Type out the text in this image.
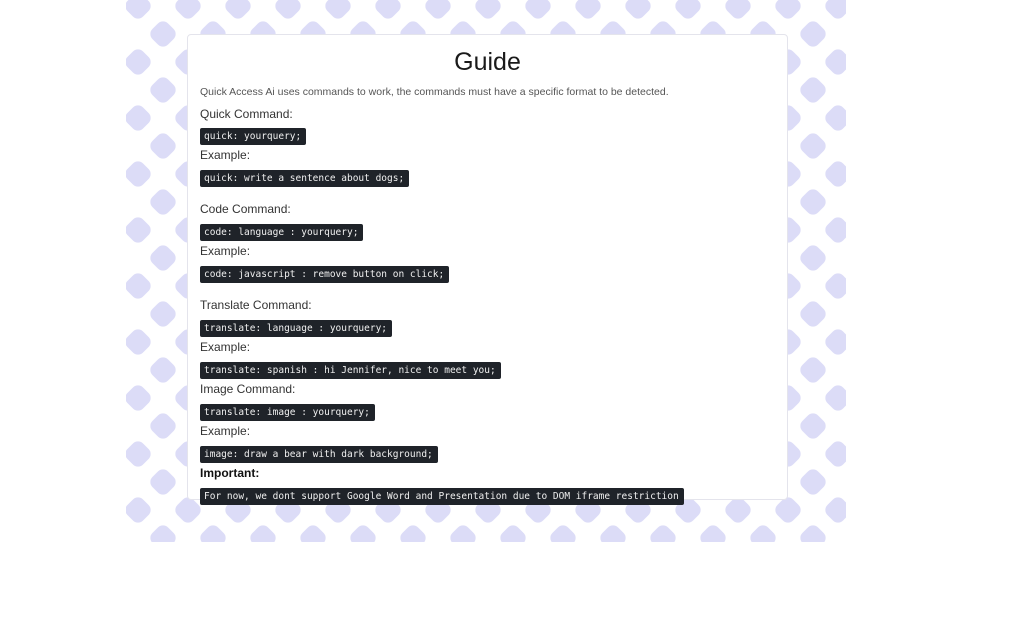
Guide

Quick Access Ai uses commands to work, the commands must have a specific format to be detected.

Quick Command:
quick: yourquery;
Example:
quick: write a sentence about dogs;
Code Command:
code: language : yourquery;
Example:
code: javascript : remove button on click;
Translate Command:
translate: language : yourquery;
Example:
translate: spanish : hi Jennifer, nice to meet you;
Image Command:
translate: image : yourquery;
Example:
image: draw a bear with dark background;
Important:
For now, we dont support Google Word and Presentation due to DOM iframe restriction
